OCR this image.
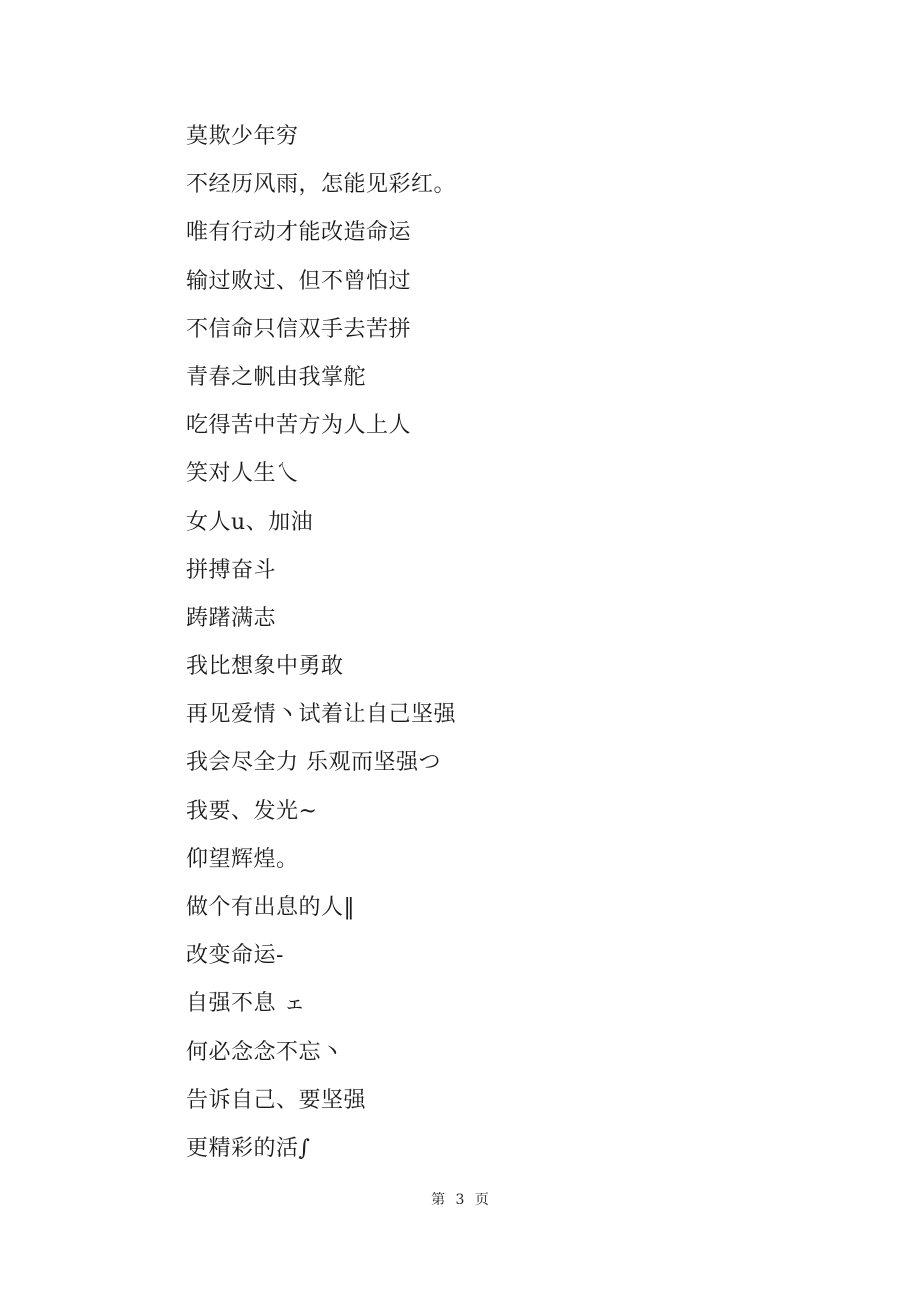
莫欺少年穷
不经历风雨，怎能见彩红。
唯有行动才能改造命运
输过败过、但不曾怕过
不信命只信双手去苦拼
青春之帆由我掌舵
吃得苦中苦方为人上人
笑对人生乀
女人u、加油
拼搏奋斗
踌躇满志
我比想象中勇敢
再见爱情丶试着让自己坚强
我会尽全力 乐观而坚强つ
我要、发光~
仰望辉煌。
做个有出息的人‖
改变命运-
自强不息 ェ
何必念念不忘丶
告诉自己、要坚强
更精彩的活∫
第 3 页
